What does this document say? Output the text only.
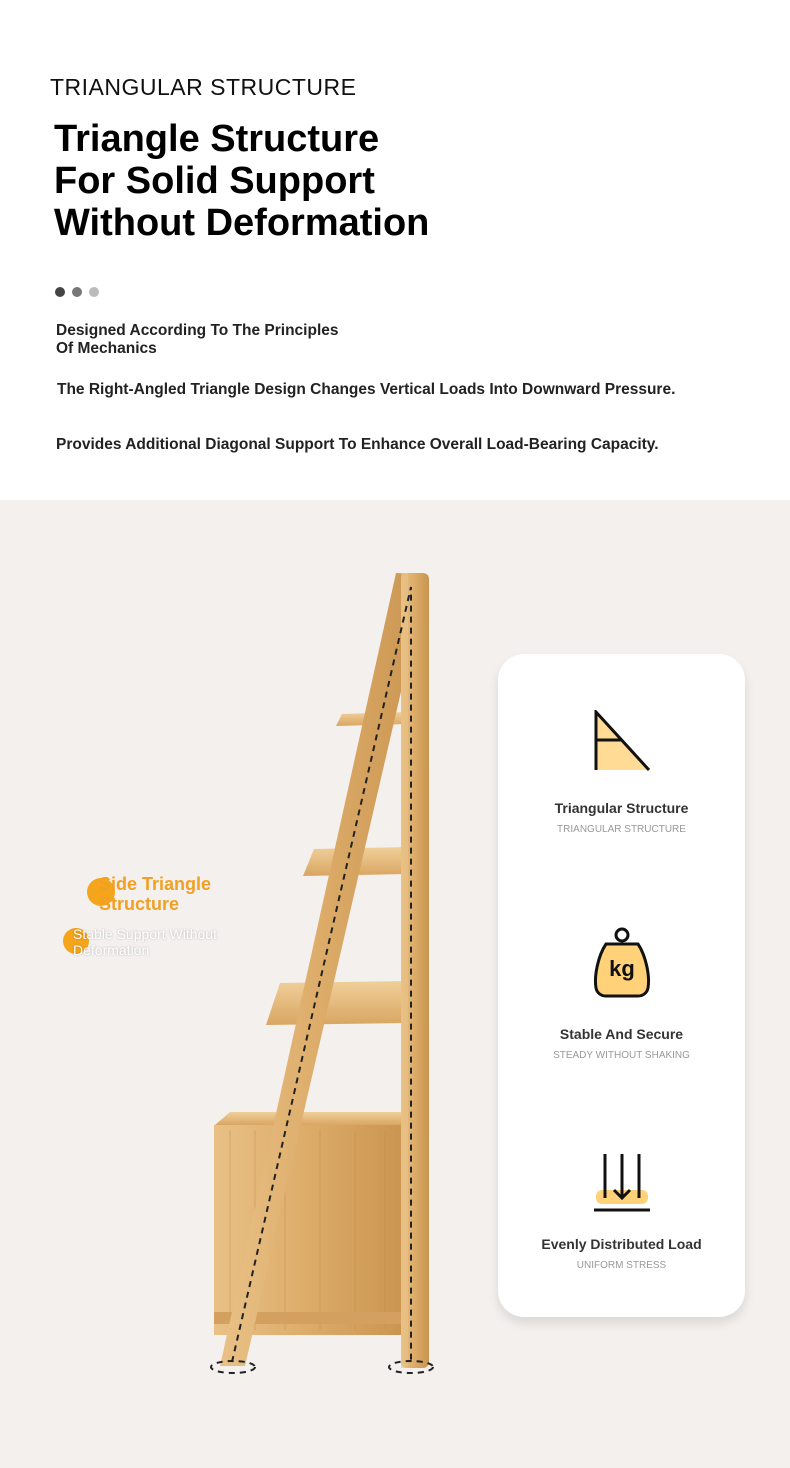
TRIANGULAR STRUCTURE
Triangle Structure
For Solid Support
Without Deformation
Designed According To The Principles
Of Mechanics
The Right-Angled Triangle Design Changes Vertical Loads Into Downward Pressure.
Provides Additional Diagonal Support To Enhance Overall Load-Bearing Capacity.
Side Triangle
Structure
Stable Support Without
Deformation
Triangular Structure
TRIANGULAR STRUCTURE
kg
Stable And Secure
STEADY WITHOUT SHAKING
Evenly Distributed Load
UNIFORM STRESS
